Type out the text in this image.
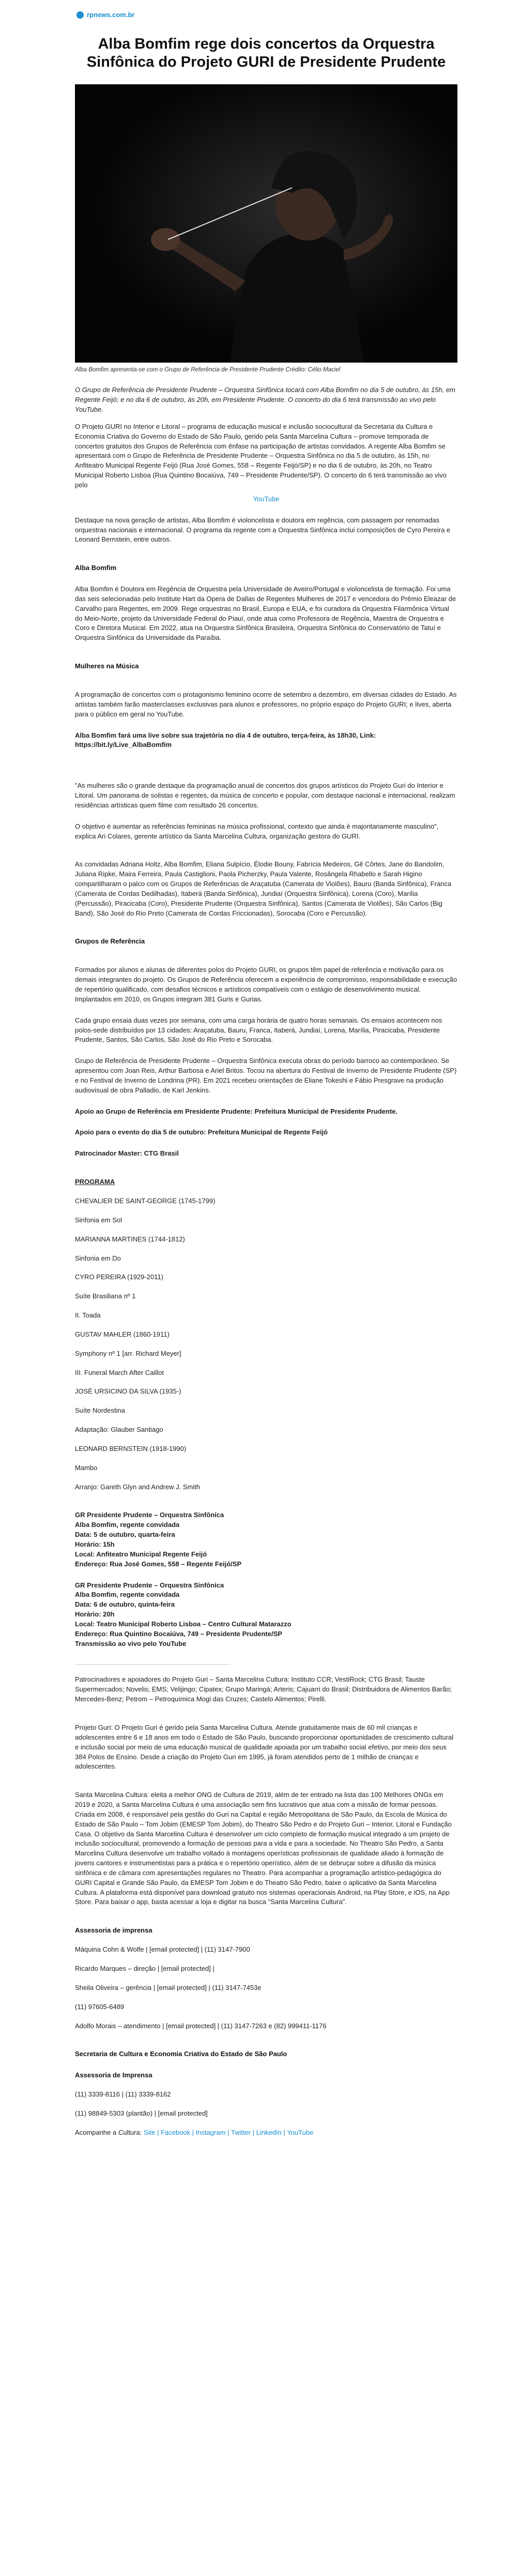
rpnews.com.br
Alba Bomfim rege dois concertos da Orquestra Sinfônica do Projeto GURI de Presidente Prudente

Alba Bomfim apresenta-se com o Grupo de Referência de Presidente Prudente Crédito: Célio Maciel

O Grupo de Referência de Presidente Prudente – Orquestra Sinfônica tocará com Alba Bomfim no dia 5 de outubro, às 15h, em Regente Feijó; e no dia 6 de outubro, às 20h, em Presidente Prudente. O concerto do dia 6 terá transmissão ao vivo pelo YouTube.

O Projeto GURI no Interior e Litoral – programa de educação musical e inclusão sociocultural da Secretaria da Cultura e Economia Criativa do Governo do Estado de São Paulo, gerido pela Santa Marcelina Cultura – promove temporada de concertos gratuitos dos Grupos de Referência com ênfase na participação de artistas convidados. A regente Alba Bomfim se apresentará com o Grupo de Referência de Presidente Prudente – Orquestra Sinfônica no dia 5 de outubro, às 15h, no Anfiteatro Municipal Regente Feijó (Rua José Gomes, 558 – Regente Feijó/SP) e no dia 6 de outubro, às 20h, no Teatro Municipal Roberto Lisboa (Rua Quintino Bocaiúva, 749 – Presidente Prudente/SP). O concerto do 6 terá transmissão ao vivo pelo

YouTube

Destaque na nova geração de artistas, Alba Bomfim é violoncelista e doutora em regência, com passagem por renomadas orquestras nacionais e internacional. O programa da regente com a Orquestra Sinfônica inclui composições de Cyro Pereira e Leonard Bernstein, entre outros.

Alba Bomfim

Alba Bomfim é Doutora em Regência de Orquestra pela Universidade de Aveiro/Portugal e violoncelista de formação. Foi uma das seis selecionadas pelo Institute Hart da Opera de Dallas de Regentes Mulheres de 2017 e vencedora do Prêmio Eleazar de Carvalho para Regentes, em 2009. Rege orquestras no Brasil, Europa e EUA, e foi curadora da Orquestra Filarmônica Virtual do Meio-Norte, projeto da Universidade Federal do Piauí, onde atua como Professora de Regência, Maestra de Orquestra e Coro e Diretora Musical. Em 2022, atua na Orquestra Sinfônica Brasileira, Orquestra Sinfônica do Conservatório de Tatuí e Orquestra Sinfônica da Universidade da Paraíba.

Mulheres na Música

A programação de concertos com o protagonismo feminino ocorre de setembro a dezembro, em diversas cidades do Estado. As artistas também farão masterclasses exclusivas para alunos e professores, no próprio espaço do Projeto GURI; e lives, aberta para o público em geral no YouTube.

Alba Bomfim fará uma live sobre sua trajetória no dia 4 de outubro, terça-feira, às 18h30, Link: https://bit.ly/Live_AlbaBomfim

"As mulheres são o grande destaque da programação anual de concertos dos grupos artísticos do Projeto Guri do Interior e Litoral. Um panorama de solistas e regentes, da música de concerto e popular, com destaque nacional e internacional, realizam residências artísticas quem filme com resultado 26 concertos.

O objetivo é aumentar as referências femininas na música profissional, contexto que ainda é majoritariamente masculino", explica Ari Colares, gerente artístico da Santa Marcelina Cultura, organização gestora do GURI.

As convidadas Adriana Holtz, Alba Bomfim, Eliana Sulpício, Élodie Bouny, Fabrícia Medeiros, Gê Côrtes, Jane do Bandolim, Juliana Ripke, Maira Ferreira, Paula Castiglioni, Paola Picherzky, Paula Valente, Rosângela Rhabello e Sarah Higino compartilharam o palco com os Grupos de Referências de Araçatuba (Camerata de Violões), Bauru (Banda Sinfônica), Franca (Camerata de Cordas Dedilhadas), Itaberá (Banda Sinfônica), Jundiaí (Orquestra Sinfônica), Lorena (Coro), Marília (Percussão), Piracicaba (Coro), Presidente Prudente (Orquestra Sinfônica), Santos (Camerata de Violões), São Carlos (Big Band), São José do Rio Preto (Camerata de Cordas Friccionadas), Sorocaba (Coro e Percussão).

Grupos de Referência

Formados por alunos e alunas de diferentes polos do Projeto GURI, os grupos têm papel de referência e motivação para os demais integrantes do projeto. Os Grupos de Referência oferecem a experiência de compromisso, responsabilidade e execução de repertório qualificado, com desafios técnicos e artísticos compatíveis com o estágio de desenvolvimento musical. Implantados em 2010, os Grupos integram 381 Guris e Gurias.

Cada grupo ensaia duas vezes por semana, com uma carga horária de quatro horas semanais. Os ensaios acontecem nos polos-sede distribuídos por 13 cidades: Araçatuba, Bauru, Franca, Itaberá, Jundiaí, Lorena, Marília, Piracicaba, Presidente Prudente, Santos, São Carlos, São José do Rio Preto e Sorocaba.

Grupo de Referência de Presidente Prudente – Orquestra Sinfônica executa obras do período barroco ao contemporâneo. Se apresentou com Joan Reis, Arthur Barbosa e Ariel Britos. Tocou na abertura do Festival de Inverno de Presidente Prudente (SP) e no Festival de Inverno de Londrina (PR). Em 2021 recebeu orientações de Eliane Tokeshi e Fábio Presgrave na produção audiovisual de obra Palladio, de Karl Jenkins.

Apoio ao Grupo de Referência em Presidente Prudente: Prefeitura Municipal de Presidente Prudente.

Apoio para o evento do dia 5 de outubro: Prefeitura Municipal de Regente Feijó

Patrocinador Master: CTG Brasil

PROGRAMA

CHEVALIER DE SAINT-GEORGE (1745-1799)

Sinfonia em Sol

MARIANNA MARTINES (1744-1812)

Sinfonia em Do

CYRO PEREIRA (1929-2011)

Suíte Brasiliana nº 1

II. Toada

GUSTAV MAHLER (1860-1911)

Symphony nº 1 [arr. Richard Meyer]

III. Funeral March After Caillot

JOSÉ URSICINO DA SILVA (1935-)

Suíte Nordestina

Adaptação: Glauber Santiago

LEONARD BERNSTEIN (1918-1990)

Mambo

Arranjo: Gareth Glyn and Andrew J. Smith

GR Presidente Prudente – Orquestra Sinfônica

Alba Bomfim, regente convidada

Data: 5 de outubro, quarta-feira

Horário: 15h

Local: Anfiteatro Municipal Regente Feijó

Endereço: Rua José Gomes, 558 – Regente Feijó/SP

GR Presidente Prudente – Orquestra Sinfônica

Alba Bomfim, regente convidada

Data: 6 de outubro, quinta-feira

Horário: 20h

Local: Teatro Municipal Roberto Lisboa – Centro Cultural Matarazzo

Endereço: Rua Quintino Bocaiúva, 749 – Presidente Prudente/SP

Transmissão ao vivo pelo YouTube

Patrocinadores e apoiadores do Projeto Guri – Santa Marcelina Cultura: Instituto CCR; VestiRock; CTG Brasil; Tauste Supermercados; Novelis; EMS; Velijingo; Cipatex; Grupo Maringá; Arteris; Cajuarri do Brasil; Distribuidora de Alimentos Barão; Mercedes-Benz; Petrom – Petroquímica Mogi das Cruzes; Castelo Alimentos; Pirelli.

Projeto Guri: O Projeto Guri é gerido pela Santa Marcelina Cultura. Atende gratuitamente mais de 60 mil crianças e adolescentes entre 6 e 18 anos em todo o Estado de São Paulo, buscando proporcionar oportunidades de crescimento cultural e inclusão social por meio de uma educação musical de qualidade apoiada por um trabalho social efetivo, por meio dos seus 384 Polos de Ensino. Desde a criação do Projeto Guri em 1995, já foram atendidos perto de 1 milhão de crianças e adolescentes.

Santa Marcelina Cultura: eleita a melhor ONG de Cultura de 2019, além de ter entrado na lista das 100 Melhores ONGs em 2019 e 2020, a Santa Marcelina Cultura é uma associação sem fins lucrativos que atua com a missão de formar pessoas. Criada em 2008, é responsável pela gestão do Guri na Capital e região Metropolitana de São Paulo, da Escola de Música do Estado de São Paulo – Tom Jobim (EMESP Tom Jobim), do Theatro São Pedro e do Projeto Guri – Interior, Litoral e Fundação Casa. O objetivo da Santa Marcelina Cultura é desenvolver um ciclo completo de formação musical integrado a um projeto de inclusão sociocultural, promovendo a formação de pessoas para a vida e para a sociedade. No Theatro São Pedro, a Santa Marcelina Cultura desenvolve um trabalho voltado à montagens operísticas profissionais de qualidade aliado à formação de jovens cantores e instrumentistas para a prática e o repertório operístico, além de se debruçar sobre a difusão da música sinfônica e de câmara com apresentações regulares no Theatro. Para acompanhar a programação artístico-pedagógica do GURI Capital e Grande São Paulo, da EMESP Tom Jobim e do Theatro São Pedro, baixe o aplicativo da Santa Marcelina Cultura. A plataforma está disponível para download gratuito nos sistemas operacionais Android, na Play Store, e iOS, na App Store. Para baixar o app, basta acessar a loja e digitar na busca "Santa Marcelina Cultura".

Assessoria de imprensa

Máquina Cohn & Wolfe | [email protected] | (11) 3147-7900

Ricardo Marques – direção | [email protected] |

Sheila Oliveira – gerência | [email protected] | (11) 3147-7453e

(11) 97605-6489

Adolfo Morais – atendimento | [email protected] | (11) 3147-7263 e (82) 999411-1176

Secretaria de Cultura e Economia Criativa do Estado de São Paulo

Assessoria de Imprensa

(11) 3339-8116 | (11) 3339-8162

(11) 98849-5303 (plantão) | [email protected]

Acompanhe a Cultura: Site | Facebook | Instagram | Twitter | LinkedIn | YouTube
